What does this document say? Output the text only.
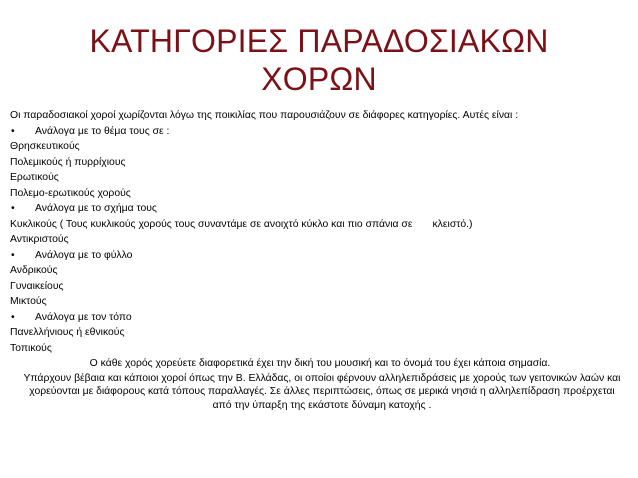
ΚΑΤΗΓΟΡΙΕΣ ΠΑΡΑΔΟΣΙΑΚΩΝ
ΧΟΡΩΝ
Οι παραδοσιακοί χοροί χωρίζονται λόγω της ποικιλίας που παρουσιάζουν σε διάφορες κατηγορίες. Αυτές είναι :
• Ανάλογα με το θέμα τους σε :
Θρησκευτικούς
Πολεμικούς ή πυρρίχιους
Ερωτικούς
Πολεμο-ερωτικούς χορούς
• Ανάλογα με το σχήμα τους
Κυκλικούς ( Τους κυκλικούς χορούς τους συναντάμε σε ανοιχτό κύκλο και πιο σπάνια σε κλειστό.)
Αντικριστούς
• Ανάλογα με το φύλλο
Ανδρικούς
Γυναικείους
Μικτούς
• Ανάλογα με τον τόπο
Πανελλήνιους ή εθνικούς
Τοπικούς
Ο κάθε χορός χορεύετε διαφορετικά έχει την δική του μουσική και το όνομά του έχει κάποια σημασία.
Υπάρχουν βέβαια και κάποιοι χοροί όπως την Β. Ελλάδας, οι οποίοι φέρνουν αλληλεπιδράσεις με χορούς των γειτονικών λαών και χορεύονται με διάφορους κατά τόπους παραλλαγές. Σε άλλες περιπτώσεις, όπως σε μερικά νησιά η αλληλεπίδραση προέρχεται από την ύπαρξη της εκάστοτε δύναμη κατοχής .
